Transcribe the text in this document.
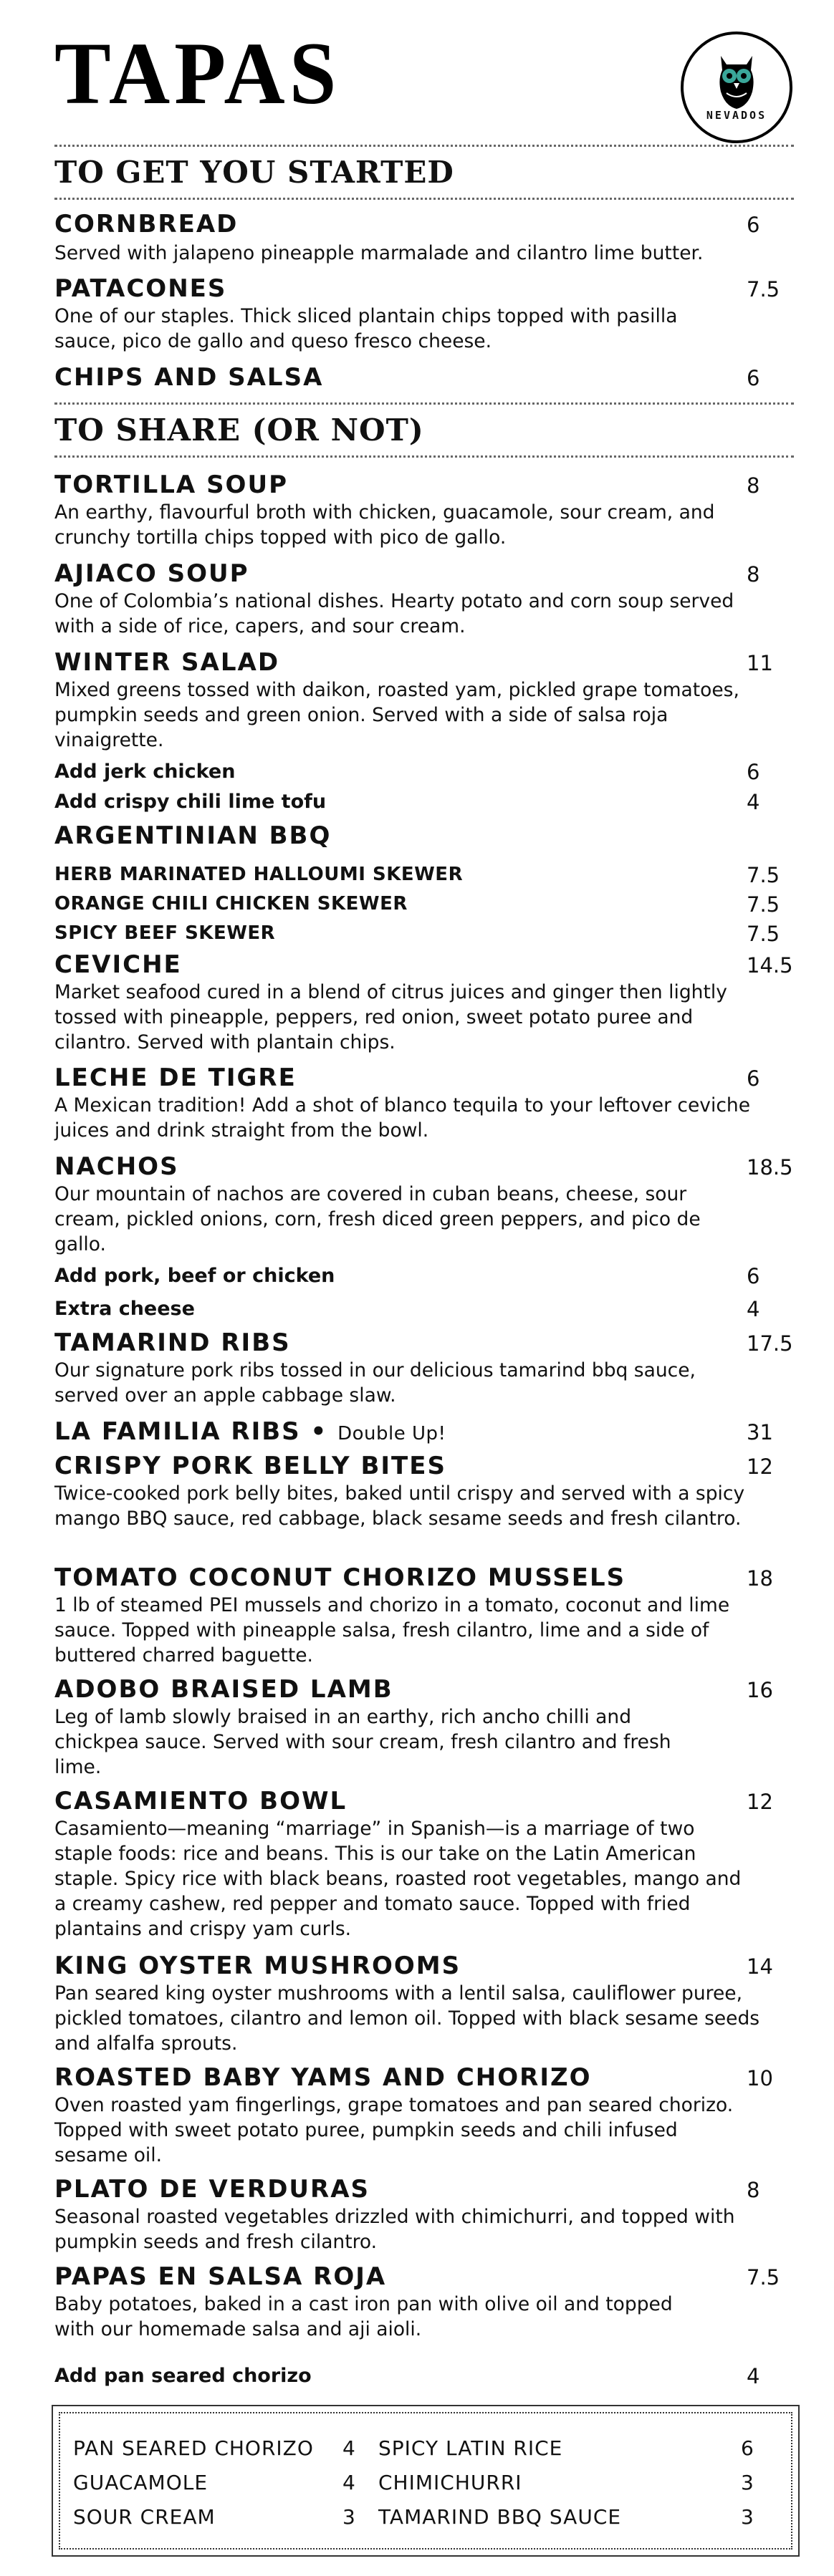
TAPAS	NEVADOS
TO GET YOU STARTED
CORNBREAD	6
Served with jalapeno pineapple marmalade and cilantro lime butter.
PATACONES	7.5
One of our staples. Thick sliced plantain chips topped with pasilla sauce, pico de gallo and queso fresco cheese.
CHIPS AND SALSA	6
TO SHARE (OR NOT)
TORTILLA SOUP	8
An earthy, flavourful broth with chicken, guacamole, sour cream, and crunchy tortilla chips topped with pico de gallo.
AJIACO SOUP	8
One of Colombia’s national dishes. Hearty potato and corn soup served with a side of rice, capers, and sour cream.
WINTER SALAD	11
Mixed greens tossed with daikon, roasted yam, pickled grape tomatoes, pumpkin seeds and green onion. Served with a side of salsa roja vinaigrette.
Add jerk chicken	6
Add crispy chili lime tofu	4
ARGENTINIAN BBQ
HERB MARINATED HALLOUMI SKEWER	7.5
ORANGE CHILI CHICKEN SKEWER	7.5
SPICY BEEF SKEWER	7.5
CEVICHE	14.5
Market seafood cured in a blend of citrus juices and ginger then lightly tossed with pineapple, peppers, red onion, sweet potato puree and cilantro. Served with plantain chips.
LECHE DE TIGRE	6
A Mexican tradition! Add a shot of blanco tequila to your leftover ceviche juices and drink straight from the bowl.
NACHOS	18.5
Our mountain of nachos are covered in cuban beans, cheese, sour cream, pickled onions, corn, fresh diced green peppers, and pico de gallo.
Add pork, beef or chicken	6
Extra cheese	4
TAMARIND RIBS	17.5
Our signature pork ribs tossed in our delicious tamarind bbq sauce, served over an apple cabbage slaw.
LA FAMILIA RIBS • Double Up!	31
CRISPY PORK BELLY BITES	12
Twice-cooked pork belly bites, baked until crispy and served with a spicy mango BBQ sauce, red cabbage, black sesame seeds and fresh cilantro.
TOMATO COCONUT CHORIZO MUSSELS	18
1 lb of steamed PEI mussels and chorizo in a tomato, coconut and lime sauce. Topped with pineapple salsa, fresh cilantro, lime and a side of buttered charred baguette.
ADOBO BRAISED LAMB	16
Leg of lamb slowly braised in an earthy, rich ancho chilli and chickpea sauce. Served with sour cream, fresh cilantro and fresh lime.
CASAMIENTO BOWL	12
Casamiento—meaning “marriage” in Spanish—is a marriage of two staple foods: rice and beans. This is our take on the Latin American staple. Spicy rice with black beans, roasted root vegetables, mango and a creamy cashew, red pepper and tomato sauce. Topped with fried plantains and crispy yam curls.
KING OYSTER MUSHROOMS	14
Pan seared king oyster mushrooms with a lentil salsa, cauliflower puree, pickled tomatoes, cilantro and lemon oil. Topped with black sesame seeds and alfalfa sprouts.
ROASTED BABY YAMS AND CHORIZO	10
Oven roasted yam fingerlings, grape tomatoes and pan seared chorizo. Topped with sweet potato puree, pumpkin seeds and chili infused sesame oil.
PLATO DE VERDURAS	8
Seasonal roasted vegetables drizzled with chimichurri, and topped with pumpkin seeds and fresh cilantro.
PAPAS EN SALSA ROJA	7.5
Baby potatoes, baked in a cast iron pan with olive oil and topped with our homemade salsa and aji aioli.
Add pan seared chorizo	4
PAN SEARED CHORIZO 4 SPICY LATIN RICE	6
GUACAMOLE	4 CHIMICHURRI	3
SOUR CREAM	3 TAMARIND BBQ SAUCE	3
